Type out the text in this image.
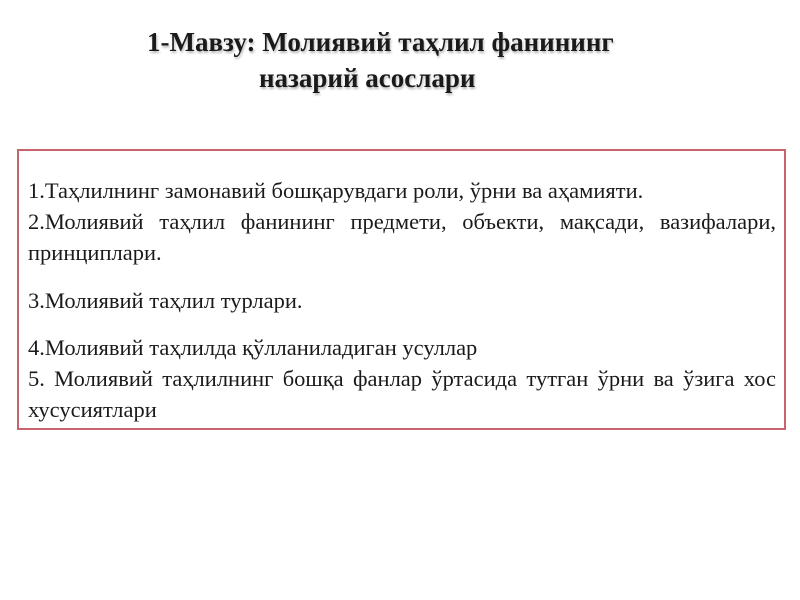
1-Мавзу: Молиявий таҳлил фанининг
назарий асослари

1.Таҳлилнинг замонавий бошқарувдаги роли, ўрни ва аҳамияти.

2.Молиявий таҳлил фанининг предмети, объекти, мақсади, вазифалари, принциплари.

3.Молиявий таҳлил турлари.

4.Молиявий таҳлилда қўлланиладиган усуллар

5. Молиявий таҳлилнинг бошқа фанлар ўртасида тутган ўрни ва ўзига хос хусусиятлари
